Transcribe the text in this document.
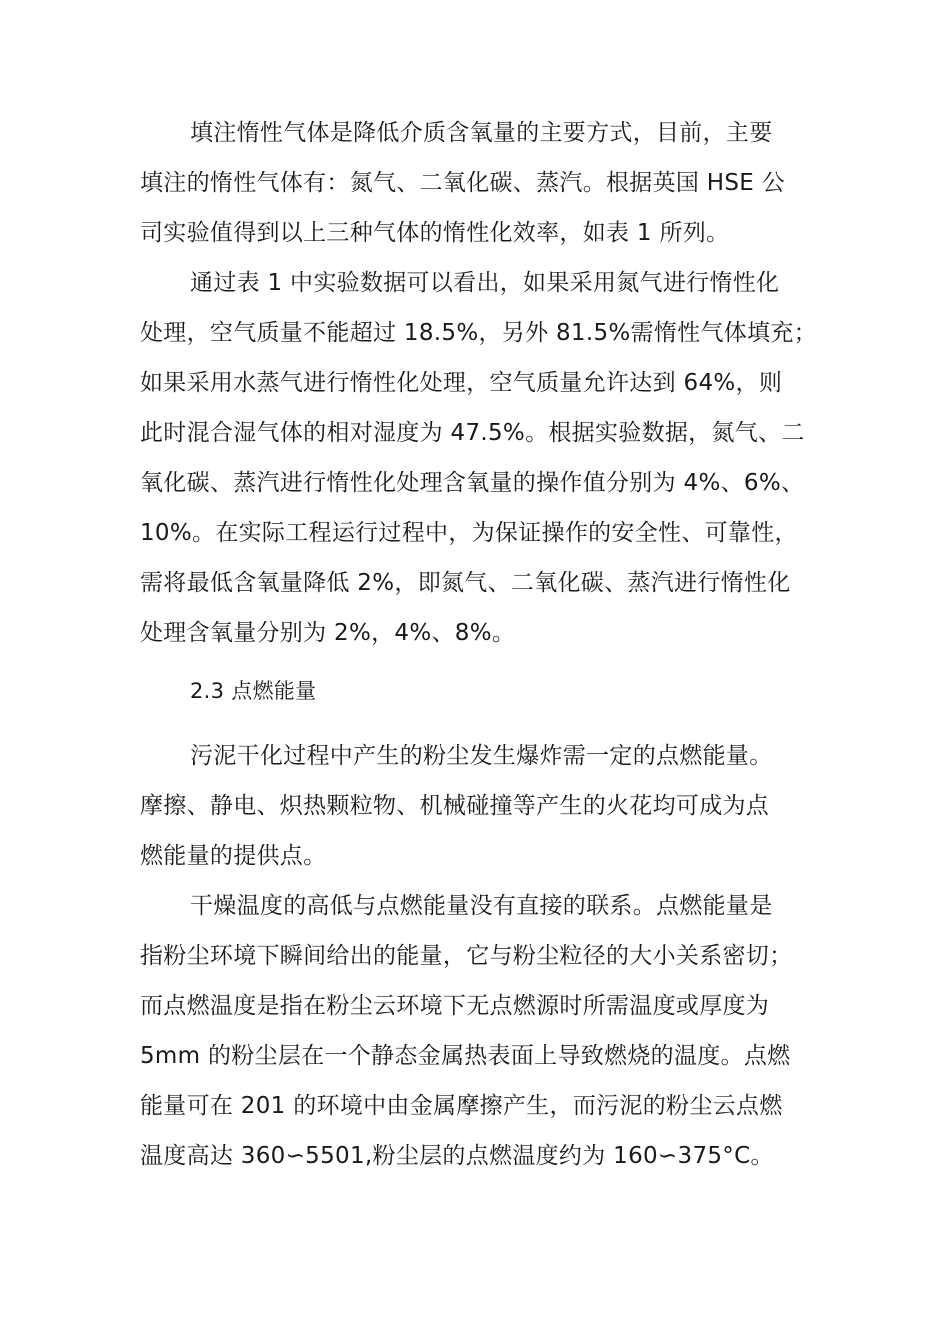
填注惰性气体是降低介质含氧量的主要方式，目前，主要
填注的惰性气体有：氮气、二氧化碳、蒸汽。根据英国 HSE 公
司实验值得到以上三种气体的惰性化效率，如表 1 所列。
通过表 1 中实验数据可以看出，如果采用氮气进行惰性化
处理，空气质量不能超过 18.5%，另外 81.5%需惰性气体填充；
如果采用水蒸气进行惰性化处理，空气质量允许达到 64%，则
此时混合湿气体的相对湿度为 47.5%。根据实验数据，氮气、二
氧化碳、蒸汽进行惰性化处理含氧量的操作值分别为 4%、6%、
10%。在实际工程运行过程中，为保证操作的安全性、可靠性，
需将最低含氧量降低 2%，即氮气、二氧化碳、蒸汽进行惰性化
处理含氧量分别为 2%，4%、8%。
2.3 点燃能量
污泥干化过程中产生的粉尘发生爆炸需一定的点燃能量。
摩擦、静电、炽热颗粒物、机械碰撞等产生的火花均可成为点
燃能量的提供点。
干燥温度的高低与点燃能量没有直接的联系。点燃能量是
指粉尘环境下瞬间给出的能量，它与粉尘粒径的大小关系密切；
而点燃温度是指在粉尘云环境下无点燃源时所需温度或厚度为
5mm 的粉尘层在一个静态金属热表面上导致燃烧的温度。点燃
能量可在 201 的环境中由金属摩擦产生，而污泥的粉尘云点燃
温度高达 360∽5501,粉尘层的点燃温度约为 160∽375°C。
